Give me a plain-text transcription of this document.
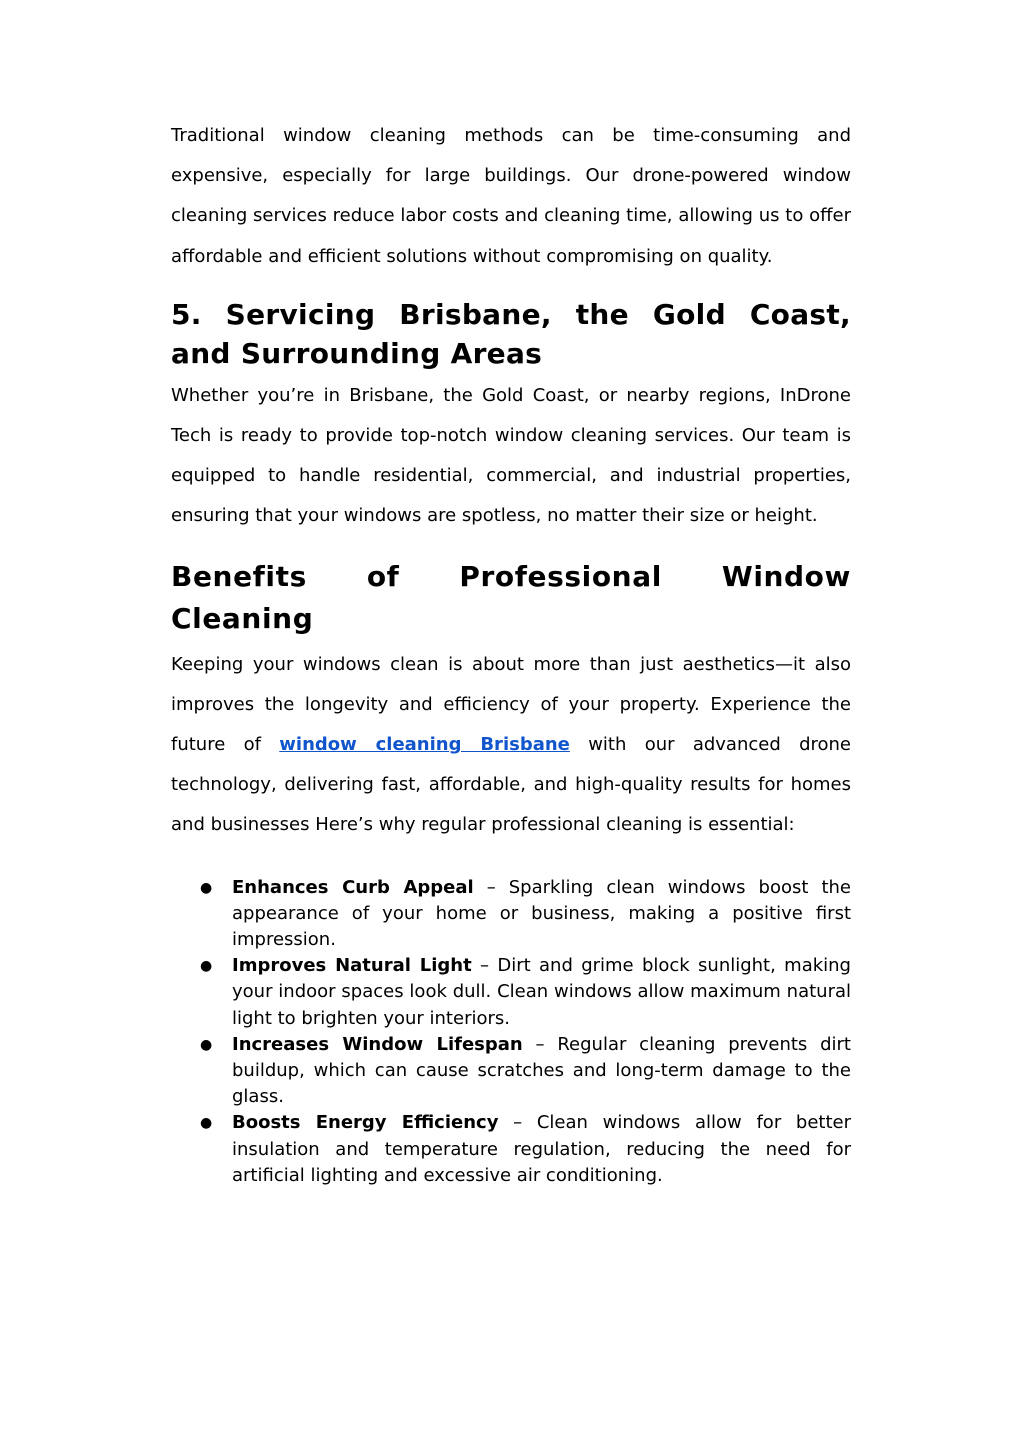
Traditional window cleaning methods can be time-consuming and expensive, especially for large buildings. Our drone-powered window cleaning services reduce labor costs and cleaning time, allowing us to offer affordable and efficient solutions without compromising on quality.

5. Servicing Brisbane, the Gold Coast, and Surrounding Areas

Whether you’re in Brisbane, the Gold Coast, or nearby regions, InDrone Tech is ready to provide top-notch window cleaning services. Our team is equipped to handle residential, commercial, and industrial properties, ensuring that your windows are spotless, no matter their size or height.

Benefits of Professional Window Cleaning

Keeping your windows clean is about more than just aesthetics—it also improves the longevity and efficiency of your property. Experience the future of window cleaning Brisbane with our advanced drone technology, delivering fast, affordable, and high-quality results for homes and businesses Here’s why regular professional cleaning is essential:

● Enhances Curb Appeal – Sparkling clean windows boost the appearance of your home or business, making a positive first impression.
● Improves Natural Light – Dirt and grime block sunlight, making your indoor spaces look dull. Clean windows allow maximum natural light to brighten your interiors.
● Increases Window Lifespan – Regular cleaning prevents dirt buildup, which can cause scratches and long-term damage to the glass.
● Boosts Energy Efficiency – Clean windows allow for better insulation and temperature regulation, reducing the need for artificial lighting and excessive air conditioning.
